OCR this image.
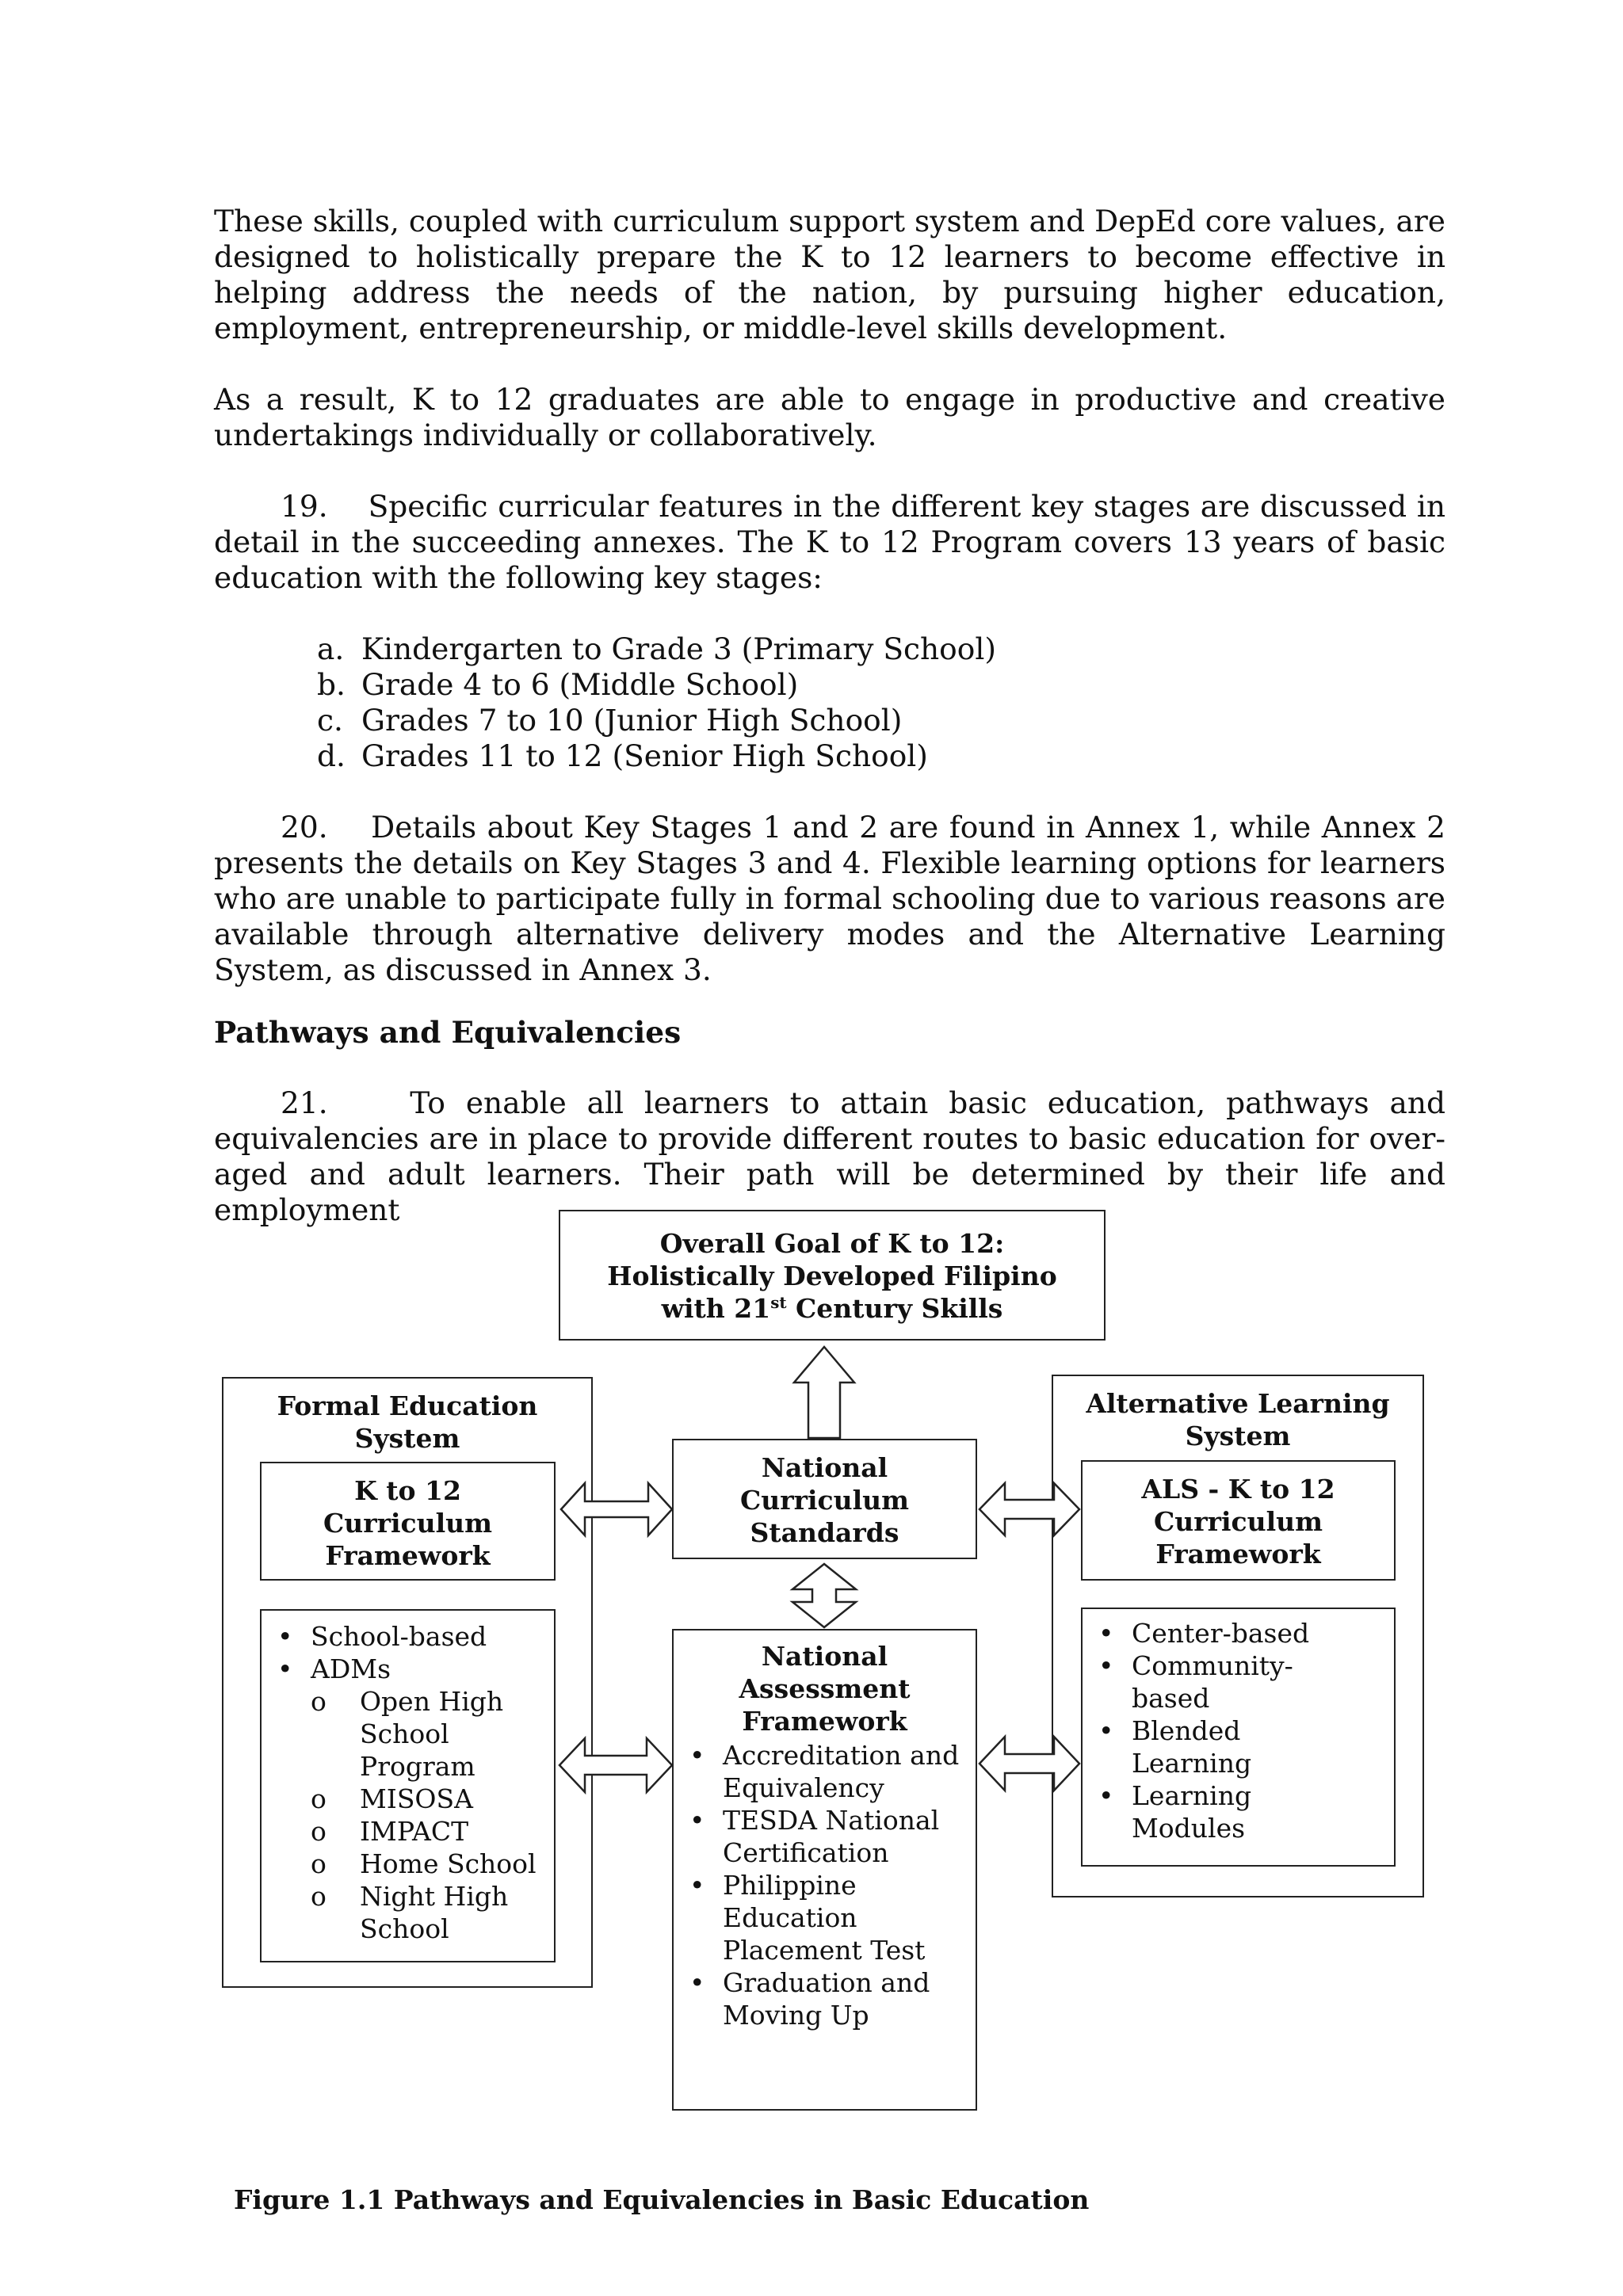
These skills, coupled with curriculum support system and DepEd core values, are designed to holistically prepare the K to 12 learners to become effective in helping address the needs of the nation, by pursuing higher education, employment, entrepreneurship, or middle-level skills development.

As a result, K to 12 graduates are able to engage in productive and creative undertakings individually or collaboratively.

19. Specific curricular features in the different key stages are discussed in detail in the succeeding annexes. The K to 12 Program covers 13 years of basic education with the following key stages:

a. Kindergarten to Grade 3 (Primary School)
b. Grade 4 to 6 (Middle School)
c. Grades 7 to 10 (Junior High School)
d. Grades 11 to 12 (Senior High School)

20. Details about Key Stages 1 and 2 are found in Annex 1, while Annex 2 presents the details on Key Stages 3 and 4. Flexible learning options for learners who are unable to participate fully in formal schooling due to various reasons are available through alternative delivery modes and the Alternative Learning System, as discussed in Annex 3.

Pathways and Equivalencies

21.	To enable all learners to attain basic education, pathways and equivalencies are in place to provide different routes to basic education for over-aged and adult learners. Their path will be determined by their life and employment

Overall Goal of K to 12:

Holistically Developed Filipino

with 21st Century Skills

Formal Education System

K to 12 Curriculum Framework

• School-based
• ADMs
o Open High School Program
o MISOSA
o IMPACT
o Home School
o Night High School

National Curriculum Standards

National Assessment Framework

• Accreditation and Equivalency
• TESDA National Certification
• Philippine Education Placement Test
• Graduation and Moving Up

Alternative Learning System

ALS - K to 12 Curriculum Framework

• Center-based
• Community-based
• Blended Learning
• Learning Modules

Figure 1.1 Pathways and Equivalencies in Basic Education
